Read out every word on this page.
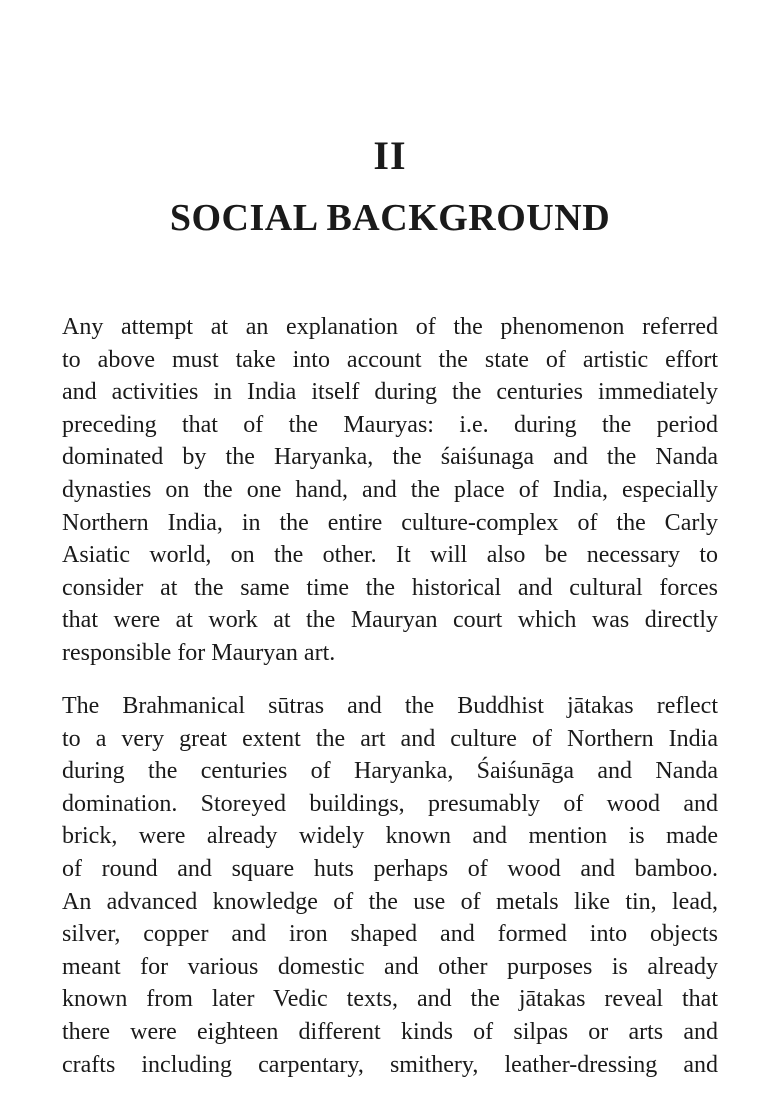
II
SOCIAL BACKGROUND
Any attempt at an explanation of the phenomenon referred
to above must take into account the state of artistic effort
and activities in India itself during the centuries immediately
preceding that of the Mauryas: i.e. during the period
dominated by the Haryanka, the śaiśunaga and the Nanda
dynasties on the one hand, and the place of India, especially
Northern India, in the entire culture-complex of the Carly
Asiatic world, on the other. It will also be necessary to
consider at the same time the historical and cultural forces
that were at work at the Mauryan court which was directly
responsible for Mauryan art.
The Brahmanical sūtras and the Buddhist jātakas reflect
to a very great extent the art and culture of Northern India
during the centuries of Haryanka, Śaiśunāga and Nanda
domination. Storeyed buildings, presumably of wood and
brick, were already widely known and mention is made
of round and square huts perhaps of wood and bamboo.
An advanced knowledge of the use of metals like tin, lead,
silver, copper and iron shaped and formed into objects
meant for various domestic and other purposes is already
known from later Vedic texts, and the jātakas reveal that
there were eighteen different kinds of silpas or arts and
crafts including carpentary, smithery, leather-dressing and
